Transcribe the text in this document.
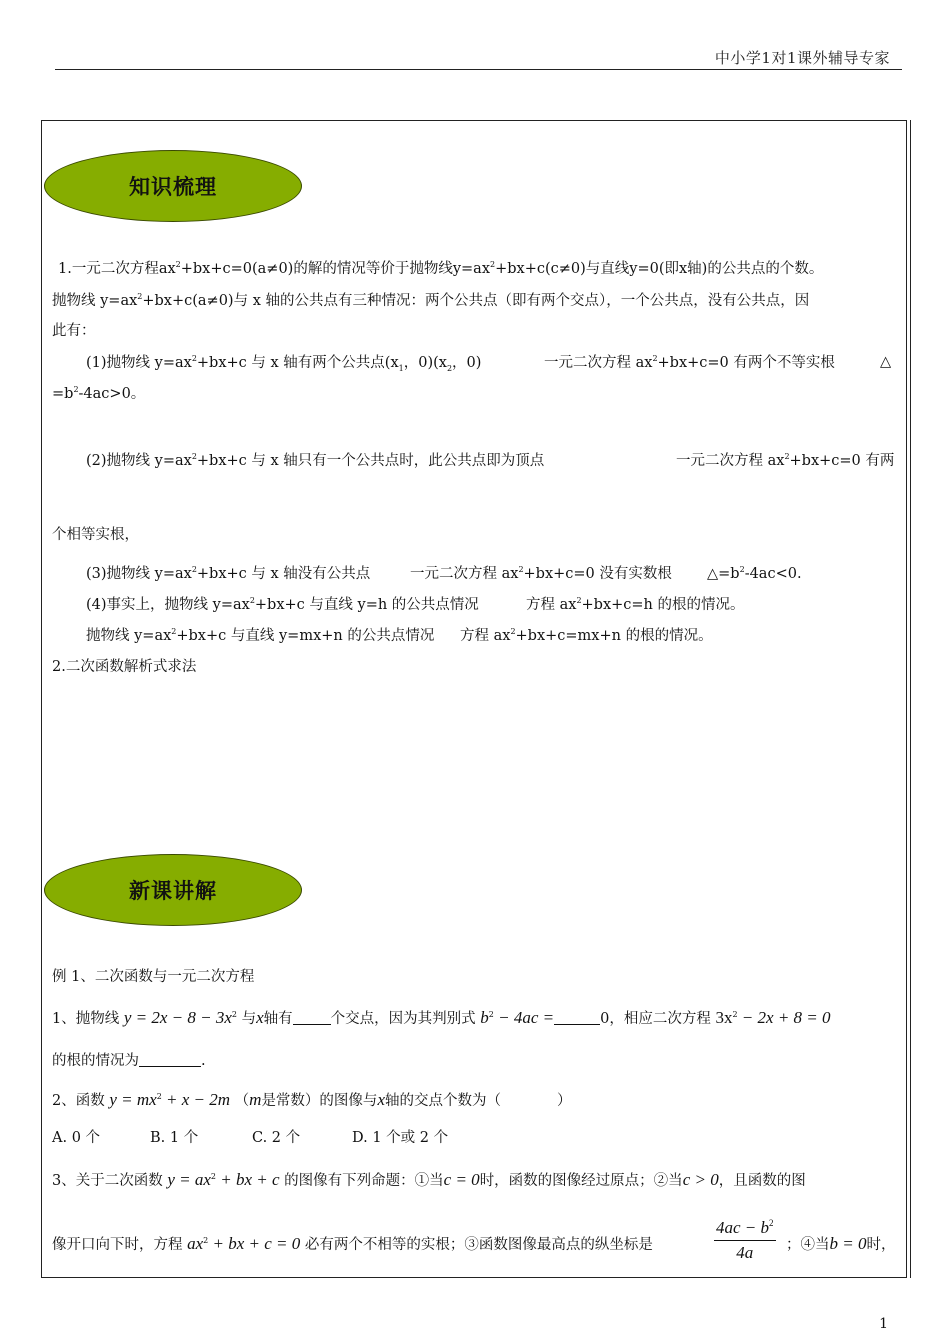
中小学1对1课外辅导专家
知识梳理
1.一元二次方程$ax^2+bx+c=0(a\ne 0)$的解的情况等价于抛物线$y=ax^2+bx+c(c\ne 0)$与直线y=0(即x轴)的公共点的个数。
抛物线 $y=ax^2+bx+c(a\ne 0)$与 x 轴的公共点有三种情况：两个公共点（即有两个交点），一个公共点，没有公共点，因
此有：
(1)抛物线 $y=ax^2+bx+c$ 与 x 轴有两个公共点($x_1$，$0)(x_2$，0)	一元二次方程 $ax^2+bx+c=0$ 有两个不等实根	△
$=b^2-4ac>0$。
(2)抛物线 $y=ax^2+bx+c$ 与 x 轴只有一个公共点时，此公共点即为顶点	一元二次方程 $ax^2+bx+c=0$ 有两
个相等实根，
(3)抛物线 $y=ax^2+bx+c$ 与 x 轴没有公共点	一元二次方程 $ax^2+bx+c=0$ 没有实数根 $\triangle=b^2-4ac<0$.
(4)事实上，抛物线 $y=ax^2+bx+c$ 与直线 y=h 的公共点情况	方程 $ax^2+bx+c=h$ 的根的情况。
抛物线 $y=ax^2+bx+c$ 与直线 y=mx+n 的公共点情况 方程 $ax^2+bx+c=mx+n$ 的根的情况。
2.二次函数解析式求法
新课讲解
例 1、二次函数与一元二次方程
1、抛物线 $y = 2x - 8 - 3x^2$ 与x轴有	个交点，因为其判别式 $b^2 - 4ac$ =	0，相应二次方程 $3x^2 - 2x + 8 = 0$
的根的情况为	.
2、函数 $y = mx^2 + x - 2m$ （m是常数）的图像与x轴的交点个数为（	）
A. 0 个	B. 1 个	C. 2 个	D. 1 个或 2 个
3、关于二次函数 $y = ax^2$ + bx + c 的图像有下列命题：①当c = 0时，函数的图像经过原点；②当c > 0，且函数的图
像开口向下时，方程 $ax^2$ + bx + c = 0 必有两个不相等的实根；③函数图像最高点的纵坐标是	$\frac{4ac - b^2}{4a}$ ；④当b = 0时，
1
